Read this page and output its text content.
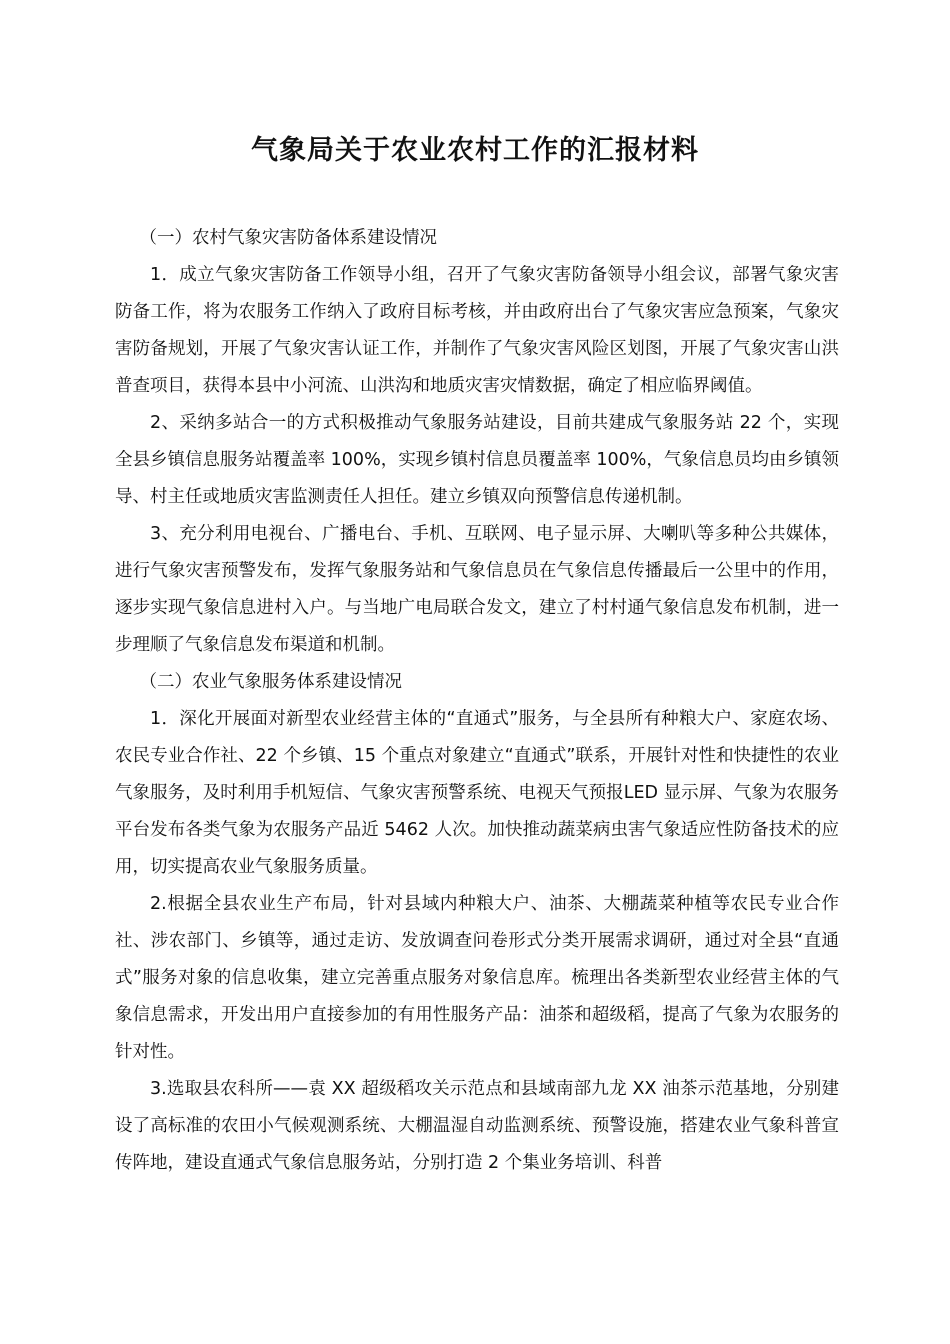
气象局关于农业农村工作的汇报材料

（一）农村气象灾害防备体系建设情况

1．成立气象灾害防备工作领导小组，召开了气象灾害防备领导小组会议，部署气象灾害防备工作，将为农服务工作纳入了政府目标考核，并由政府出台了气象灾害应急预案，气象灾害防备规划，开展了气象灾害认证工作，并制作了气象灾害风险区划图，开展了气象灾害山洪普查项目，获得本县中小河流、山洪沟和地质灾害灾情数据，确定了相应临界阈值。

2、采纳多站合一的方式积极推动气象服务站建设，目前共建成气象服务站 22 个，实现全县乡镇信息服务站覆盖率 100%，实现乡镇村信息员覆盖率 100%，气象信息员均由乡镇领导、村主任或地质灾害监测责任人担任。建立乡镇双向预警信息传递机制。

3、充分利用电视台、广播电台、手机、互联网、电子显示屏、大喇叭等多种公共媒体，进行气象灾害预警发布，发挥气象服务站和气象信息员在气象信息传播最后一公里中的作用，逐步实现气象信息进村入户。与当地广电局联合发文，建立了村村通气象信息发布机制，进一步理顺了气象信息发布渠道和机制。

（二）农业气象服务体系建设情况

1．深化开展面对新型农业经营主体的“直通式”服务，与全县所有种粮大户、家庭农场、农民专业合作社、22 个乡镇、15 个重点对象建立“直通式”联系，开展针对性和快捷性的农业气象服务，及时利用手机短信、气象灾害预警系统、电视天气预报LED 显示屏、气象为农服务平台发布各类气象为农服务产品近 5462 人次。加快推动蔬菜病虫害气象适应性防备技术的应用，切实提高农业气象服务质量。

2.根据全县农业生产布局，针对县域内种粮大户、油茶、大棚蔬菜种植等农民专业合作社、涉农部门、乡镇等，通过走访、发放调查问卷形式分类开展需求调研，通过对全县“直通式”服务对象的信息收集，建立完善重点服务对象信息库。梳理出各类新型农业经营主体的气象信息需求，开发出用户直接参加的有用性服务产品：油茶和超级稻，提高了气象为农服务的针对性。

3.选取县农科所——袁 XX 超级稻攻关示范点和县域南部九龙 XX 油茶示范基地，分别建设了高标准的农田小气候观测系统、大棚温湿自动监测系统、预警设施，搭建农业气象科普宣传阵地，建设直通式气象信息服务站，分别打造 2 个集业务培训、科普
